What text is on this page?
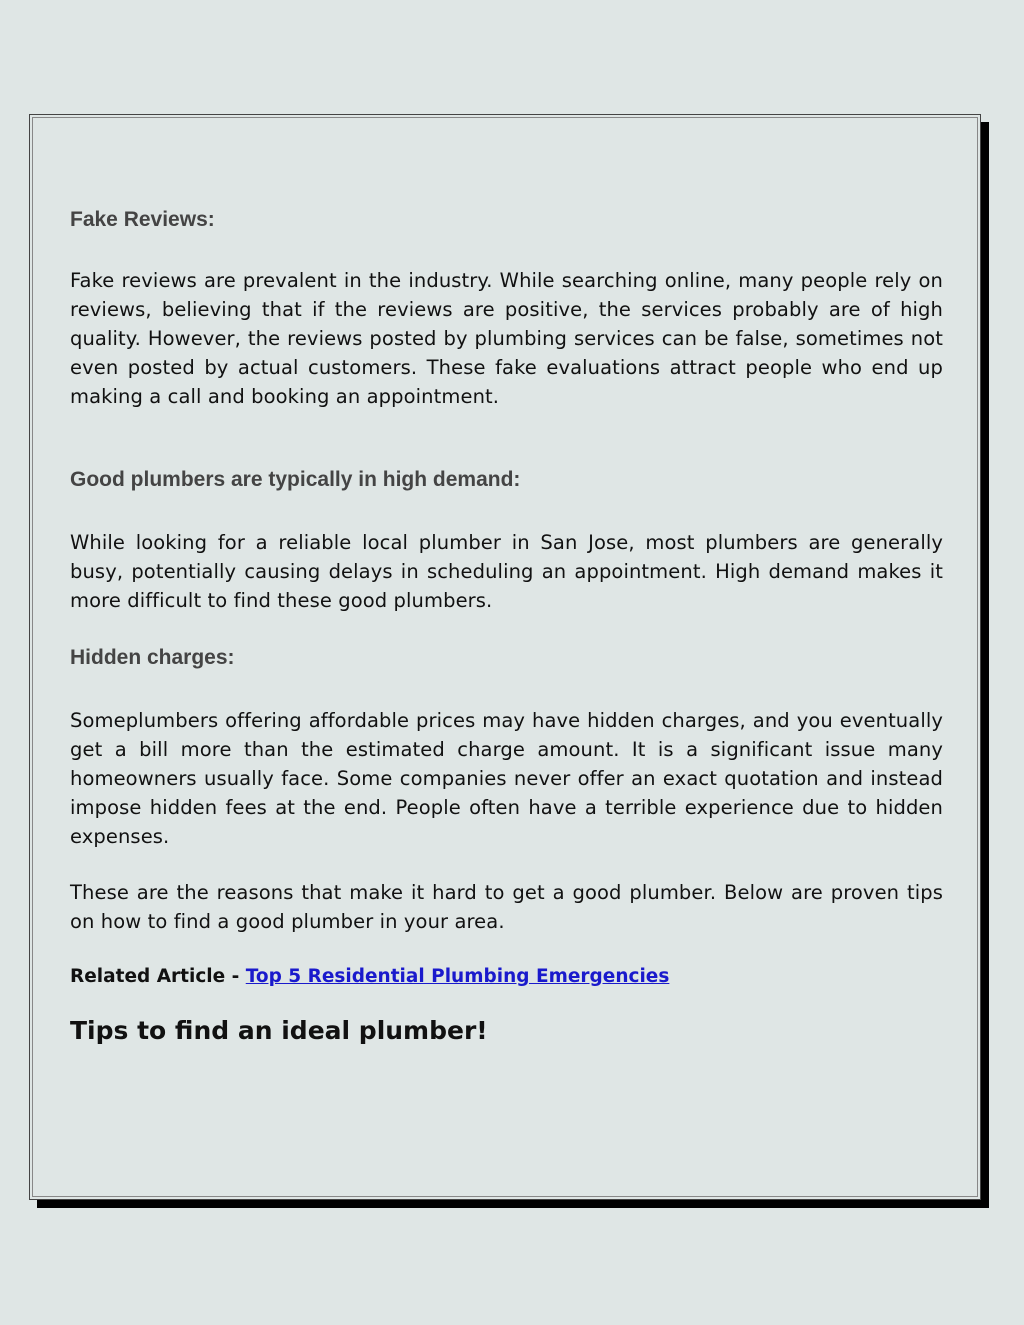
Fake Reviews:

Fake reviews are prevalent in the industry. While searching online, many people rely on reviews, believing that if the reviews are positive, the services probably are of high quality. However, the reviews posted by plumbing services can be false, sometimes not even posted by actual customers. These fake evaluations attract people who end up making a call and booking an appointment.

Good plumbers are typically in high demand:

While looking for a reliable local plumber in San Jose, most plumbers are generally busy, potentially causing delays in scheduling an appointment. High demand makes it more difficult to find these good plumbers.

Hidden charges:

Someplumbers offering affordable prices may have hidden charges, and you eventually get a bill more than the estimated charge amount. It is a significant issue many homeowners usually face. Some companies never offer an exact quotation and instead impose hidden fees at the end. People often have a terrible experience due to hidden expenses.

These are the reasons that make it hard to get a good plumber. Below are proven tips on how to find a good plumber in your area.

Related Article - Top 5 Residential Plumbing Emergencies

Tips to find an ideal plumber!
